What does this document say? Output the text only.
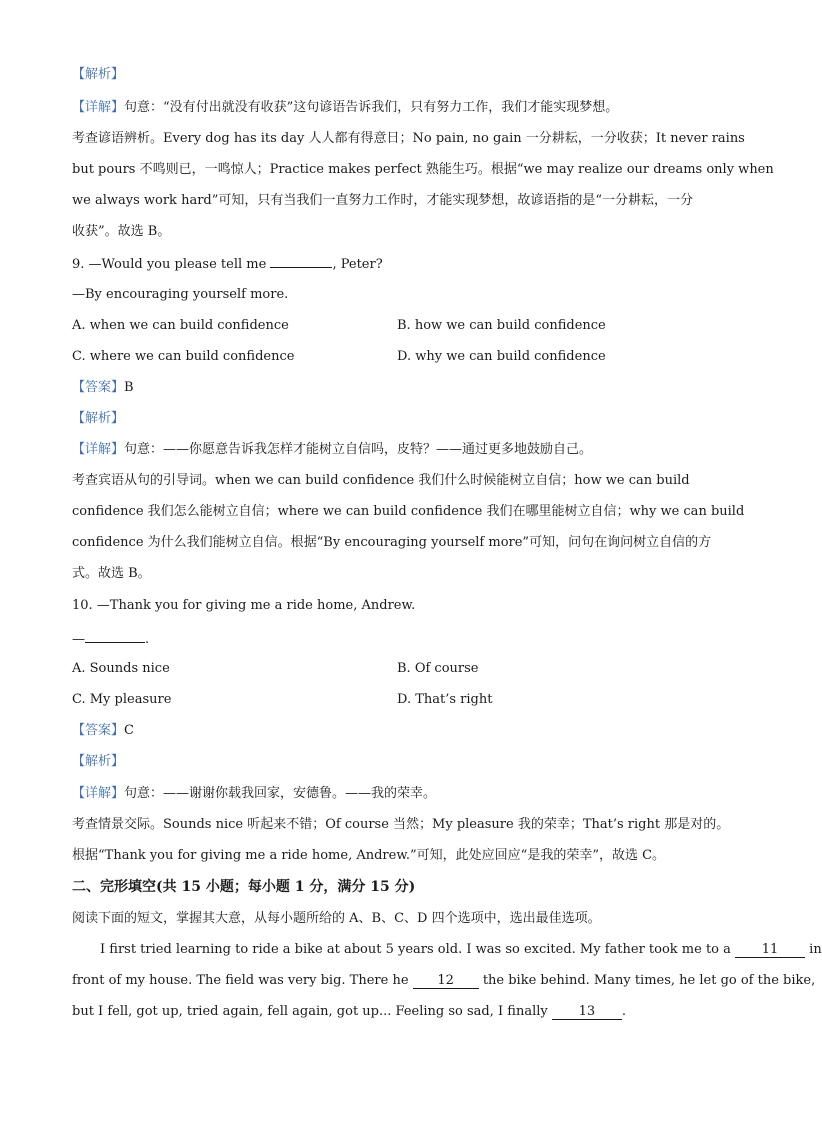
【解析】
【详解】句意：“没有付出就没有收获”这句谚语告诉我们，只有努力工作，我们才能实现梦想。
考查谚语辨析。Every dog has its day 人人都有得意日；No pain, no gain 一分耕耘，一分收获；It never rains
but pours 不鸣则已，一鸣惊人；Practice makes perfect 熟能生巧。根据“we may realize our dreams only when
we always work hard”可知，只有当我们一直努力工作时，才能实现梦想，故谚语指的是“一分耕耘，一分
收获”。故选 B。
9. —Would you please tell me	, Peter?
—By encouraging yourself more.
A. when we can build confidence	B. how we can build confidence
C. where we can build confidence	D. why we can build confidence
【答案】B
【解析】
【详解】句意：——你愿意告诉我怎样才能树立自信吗，皮特？——通过更多地鼓励自己。
考查宾语从句的引导词。when we can build confidence 我们什么时候能树立自信；how we can build
confidence 我们怎么能树立自信；where we can build confidence 我们在哪里能树立自信；why we can build
confidence 为什么我们能树立自信。根据“By encouraging yourself more”可知，问句在询问树立自信的方
式。故选 B。
10. —Thank you for giving me a ride home, Andrew.
—	.
A. Sounds nice	B. Of course
C. My pleasure	D. That’s right
【答案】C
【解析】
【详解】句意：——谢谢你载我回家，安德鲁。——我的荣幸。
考查情景交际。Sounds nice 听起来不错；Of course 当然；My pleasure 我的荣幸；That’s right 那是对的。
根据“Thank you for giving me a ride home, Andrew.”可知，此处应回应“是我的荣幸”，故选 C。
二、完形填空(共 15 小题；每小题 1 分，满分 15 分)
阅读下面的短文，掌握其大意，从每小题所给的 A、B、C、D 四个选项中，选出最佳选项。
I first tried learning to ride a bike at about 5 years old. I was so excited. My father took me to a 11 in
front of my house. The field was very big. There he 12 the bike behind. Many times, he let go of the bike,
but I fell, got up, tried again, fell again, got up... Feeling so sad, I finally 13 .
